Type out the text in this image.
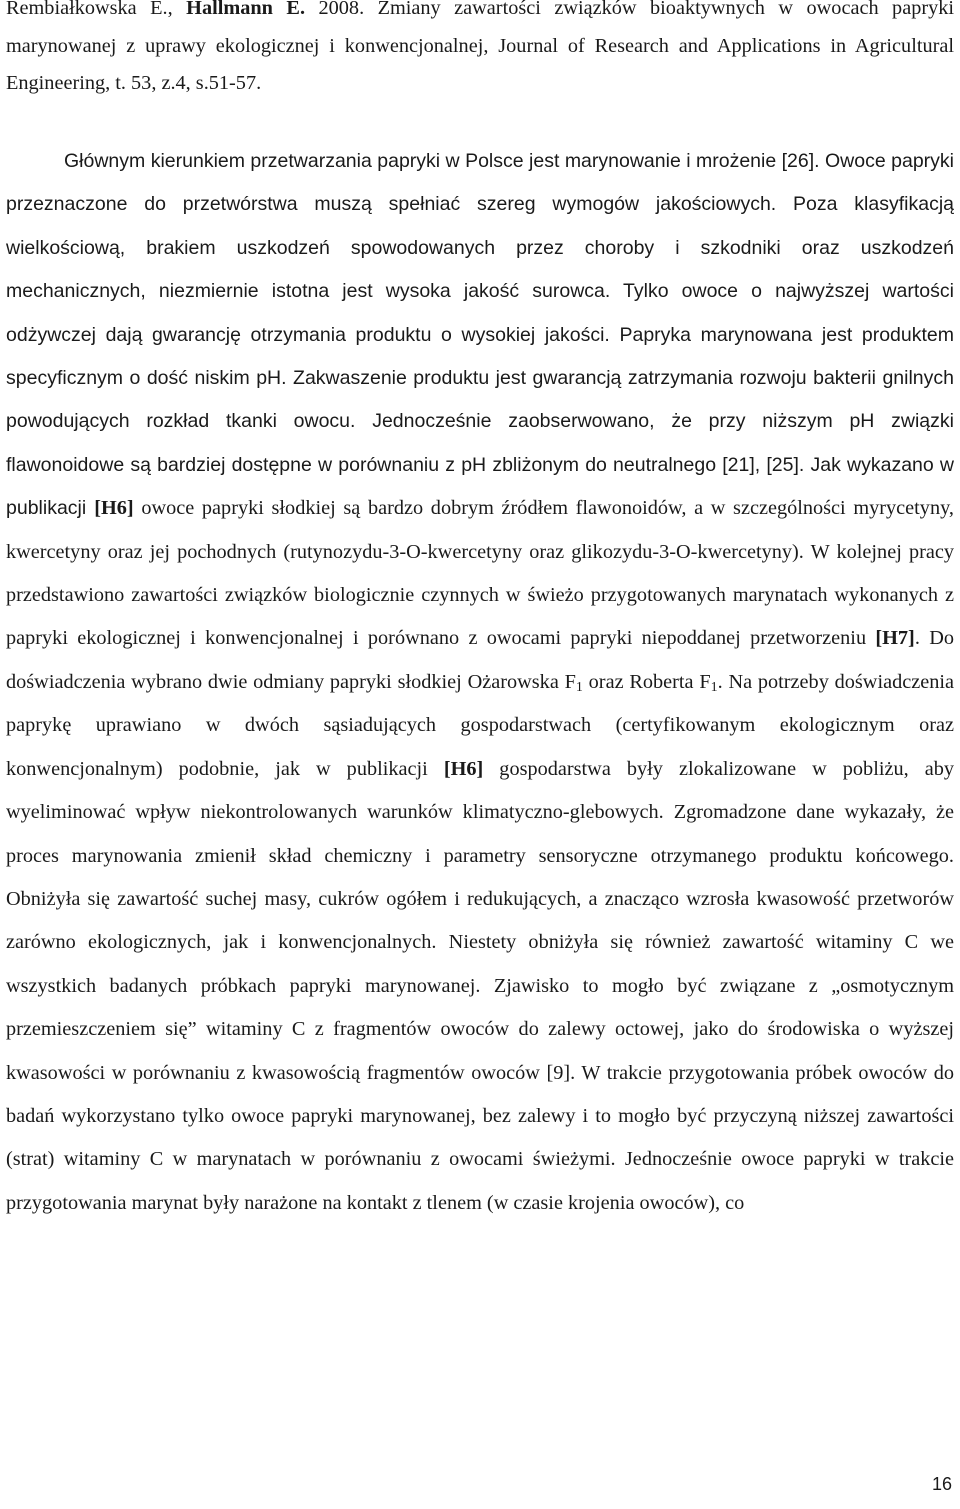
Rembiałkowska E., Hallmann E. 2008. Zmiany zawartości związków bioaktywnych w owocach papryki marynowanej z uprawy ekologicznej i konwencjonalnej, Journal of Research and Applications in Agricultural Engineering, t. 53, z.4, s.51-57.

Głównym kierunkiem przetwarzania papryki w Polsce jest marynowanie i mrożenie [26]. Owoce papryki przeznaczone do przetwórstwa muszą spełniać szereg wymogów jakościowych. Poza klasyfikacją wielkościową, brakiem uszkodzeń spowodowanych przez choroby i szkodniki oraz uszkodzeń mechanicznych, niezmiernie istotna jest wysoka jakość surowca. Tylko owoce o najwyższej wartości odżywczej dają gwarancję otrzymania produktu o wysokiej jakości. Papryka marynowana jest produktem specyficznym o dość niskim pH. Zakwaszenie produktu jest gwarancją zatrzymania rozwoju bakterii gnilnych powodujących rozkład tkanki owocu. Jednocześnie zaobserwowano, że przy niższym pH związki flawonoidowe są bardziej dostępne w porównaniu z pH zbliżonym do neutralnego [21], [25]. Jak wykazano w publikacji [H6] owoce papryki słodkiej są bardzo dobrym źródłem flawonoidów, a w szczególności myrycetyny, kwercetyny oraz jej pochodnych (rutynozydu-3-O-kwercetyny oraz glikozydu-3-O-kwercetyny). W kolejnej pracy przedstawiono zawartości związków biologicznie czynnych w świeżo przygotowanych marynatach wykonanych z papryki ekologicznej i konwencjonalnej i porównano z owocami papryki niepoddanej przetworzeniu [H7]. Do doświadczenia wybrano dwie odmiany papryki słodkiej Ożarowska $F_1$ oraz Roberta $F_1$. Na potrzeby doświadczenia paprykę uprawiano w dwóch sąsiadujących gospodarstwach (certyfikowanym ekologicznym oraz konwencjonalnym) podobnie, jak w publikacji [H6] gospodarstwa były zlokalizowane w pobliżu, aby wyeliminować wpływ niekontrolowanych warunków klimatyczno-glebowych. Zgromadzone dane wykazały, że proces marynowania zmienił skład chemiczny i parametry sensoryczne otrzymanego produktu końcowego. Obniżyła się zawartość suchej masy, cukrów ogółem i redukujących, a znacząco wzrosła kwasowość przetworów zarówno ekologicznych, jak i konwencjonalnych. Niestety obniżyła się również zawartość witaminy C we wszystkich badanych próbkach papryki marynowanej. Zjawisko to mogło być związane z „osmotycznym przemieszczeniem się” witaminy C z fragmentów owoców do zalewy octowej, jako do środowiska o wyższej kwasowości w porównaniu z kwasowością fragmentów owoców [9]. W trakcie przygotowania próbek owoców do badań wykorzystano tylko owoce papryki marynowanej, bez zalewy i to mogło być przyczyną niższej zawartości (strat) witaminy C w marynatach w porównaniu z owocami świeżymi. Jednocześnie owoce papryki w trakcie przygotowania marynat były narażone na kontakt z tlenem (w czasie krojenia owoców), co

16
